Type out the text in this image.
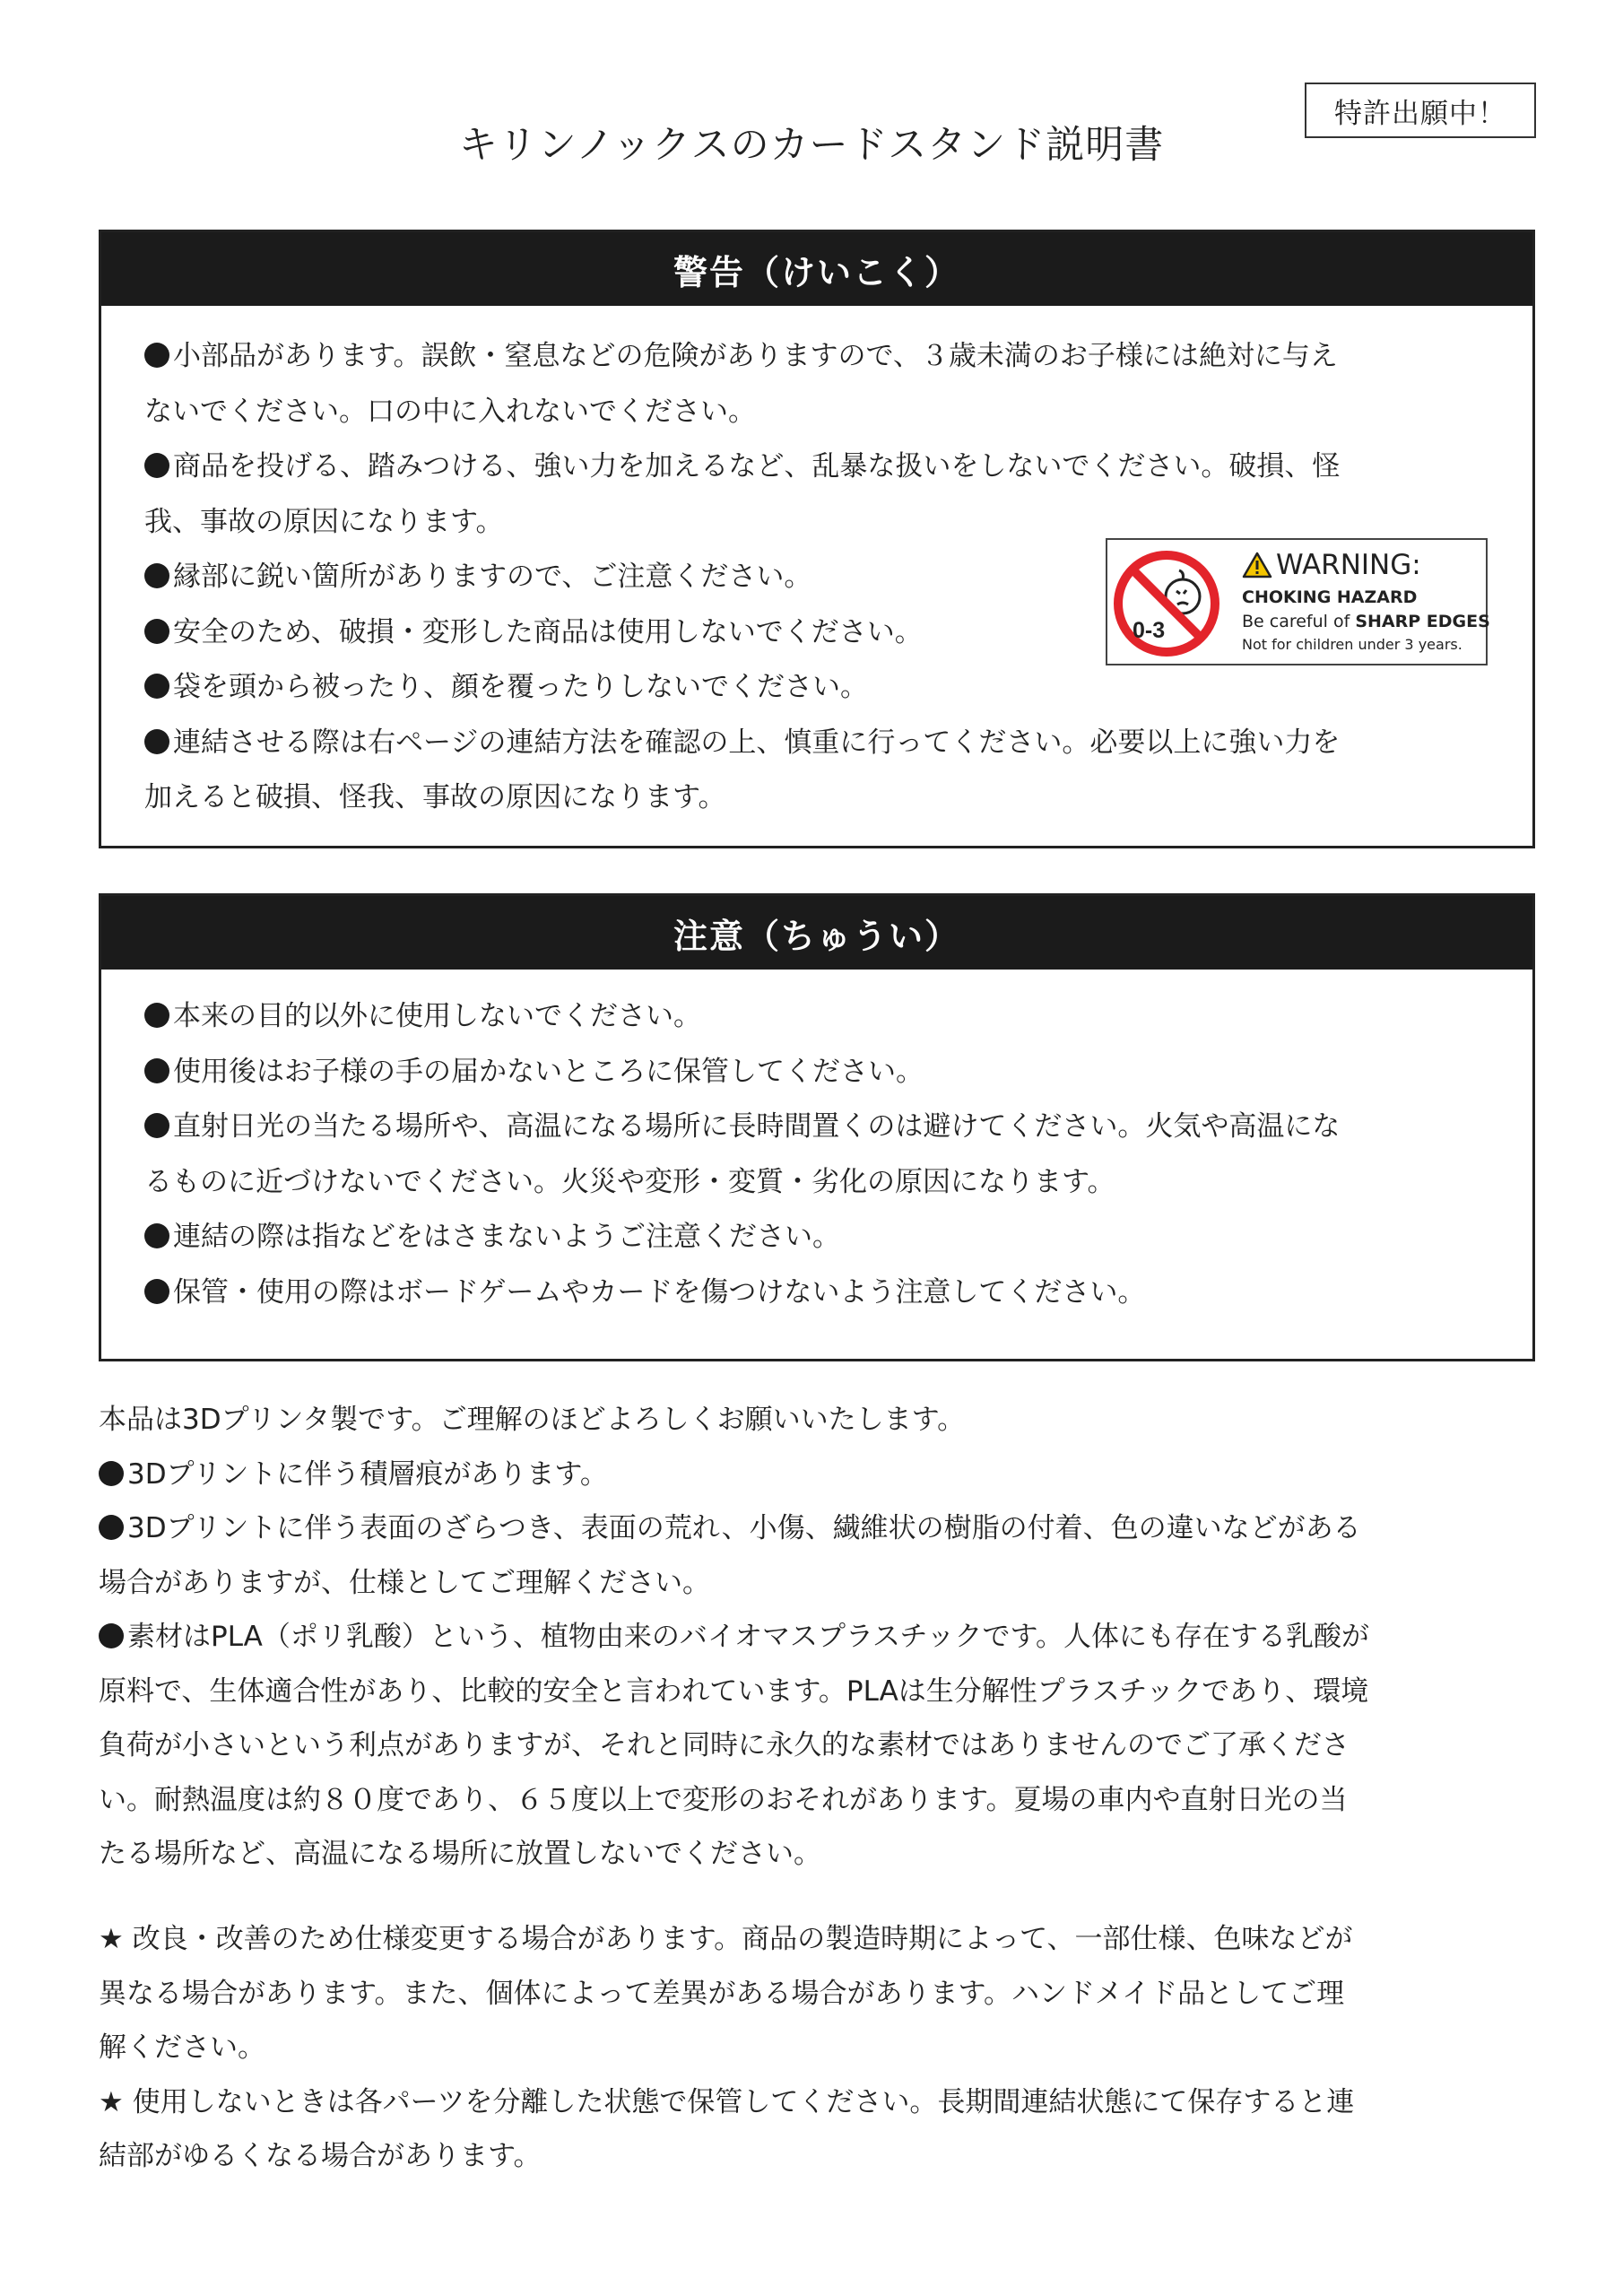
特許出願中！
キリンノックスのカードスタンド説明書
警告（けいこく）
小部品があります。誤飲・窒息などの危険がありますので、３歳未満のお子様には絶対に与え
ないでください。口の中に入れないでください。
商品を投げる、踏みつける、強い力を加えるなど、乱暴な扱いをしないでください。破損、怪
我、事故の原因になります。
縁部に鋭い箇所がありますので、ご注意ください。
安全のため、破損・変形した商品は使用しないでください。
袋を頭から被ったり、顔を覆ったりしないでください。
連結させる際は右ページの連結方法を確認の上、慎重に行ってください。必要以上に強い力を
加えると破損、怪我、事故の原因になります。
0-3
WARNING:
CHOKING HAZARD
Be careful of SHARP EDGES
Not for children under 3 years.
注意（ちゅうい）
本来の目的以外に使用しないでください。
使用後はお子様の手の届かないところに保管してください。
直射日光の当たる場所や、高温になる場所に長時間置くのは避けてください。火気や高温にな
るものに近づけないでください。火災や変形・変質・劣化の原因になります。
連結の際は指などをはさまないようご注意ください。
保管・使用の際はボードゲームやカードを傷つけないよう注意してください。
本品は3Dプリンタ製です。ご理解のほどよろしくお願いいたします。
3Dプリントに伴う積層痕があります。
3Dプリントに伴う表面のざらつき、表面の荒れ、小傷、繊維状の樹脂の付着、色の違いなどがある
場合がありますが、仕様としてご理解ください。
素材はPLA（ポリ乳酸）という、植物由来のバイオマスプラスチックです。人体にも存在する乳酸が
原料で、生体適合性があり、比較的安全と言われています。PLAは生分解性プラスチックであり、環境
負荷が小さいという利点がありますが、それと同時に永久的な素材ではありませんのでご了承くださ
い。耐熱温度は約８０度であり、６５度以上で変形のおそれがあります。夏場の車内や直射日光の当
たる場所など、高温になる場所に放置しないでください。
★ 改良・改善のため仕様変更する場合があります。商品の製造時期によって、一部仕様、色味などが
異なる場合があります。また、個体によって差異がある場合があります。ハンドメイド品としてご理
解ください。
★ 使用しないときは各パーツを分離した状態で保管してください。長期間連結状態にて保存すると連
結部がゆるくなる場合があります。
